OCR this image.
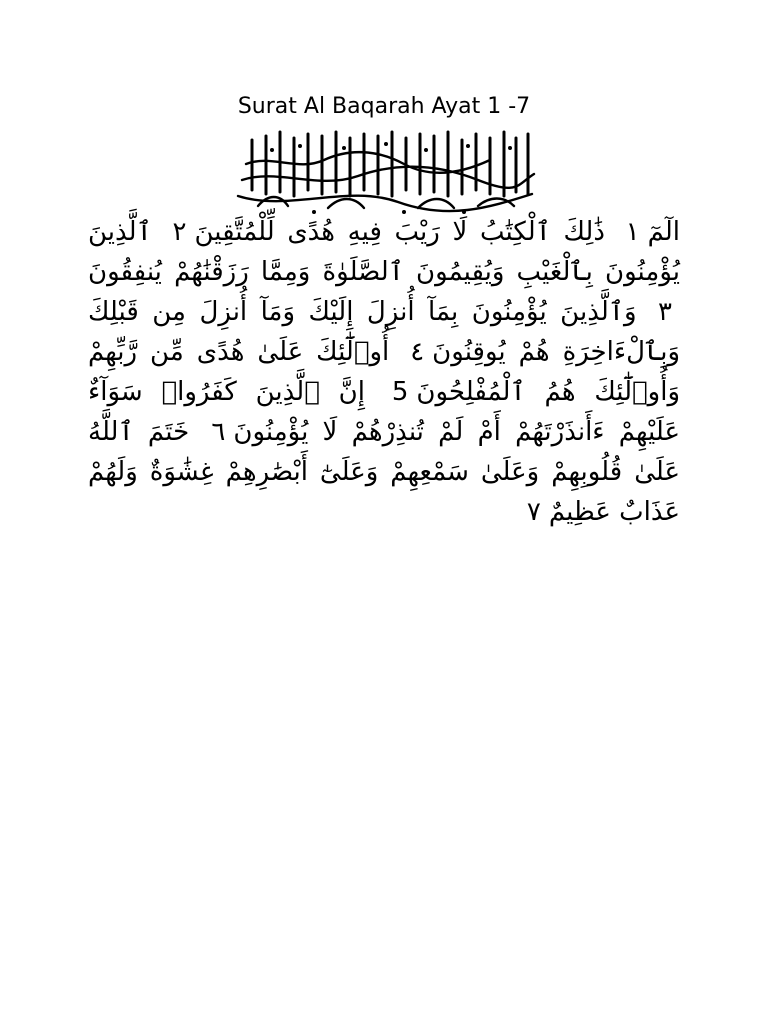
Surat Al Baqarah Ayat 1 -7
أعوذ بالله من الشيطان الرجيم بسم الله الرحمن الرحيم
الٓمٓ١ ذَٰلِكَ ٱلْكِتَٰبُ لَا رَيْبَ فِيهِ هُدًى لِّلْمُتَّقِينَ٢ ٱلَّذِينَ يُؤْمِنُونَ بِٱلْغَيْبِ وَيُقِيمُونَ ٱلصَّلَوٰةَ وَمِمَّا رَزَقْنَٰهُمْ يُنفِقُونَ٣ وَٱلَّذِينَ يُؤْمِنُونَ بِمَآ أُنزِلَ إِلَيْكَ وَمَآ أُنزِلَ مِن قَبْلِكَ وَبِٱلْءَاخِرَةِ هُمْ يُوقِنُونَ٤ أُو۟لَٰٓئِكَ عَلَىٰ هُدًى مِّن رَّبِّهِمْ وَأُو۟لَٰٓئِكَ هُمُ ٱلْمُفْلِحُونَ5 إِنَّ ٱلَّذِينَ كَفَرُوا۟ سَوَآءٌ عَلَيْهِمْ ءَأَنذَرْتَهُمْ أَمْ لَمْ تُنذِرْهُمْ لَا يُؤْمِنُونَ٦ خَتَمَ ٱللَّهُ عَلَىٰ قُلُوبِهِمْ وَعَلَىٰ سَمْعِهِمْ وَعَلَىٰٓ أَبْصَٰرِهِمْ غِشَٰوَةٌ وَلَهُمْ عَذَابٌ عَظِيمٌ٧
